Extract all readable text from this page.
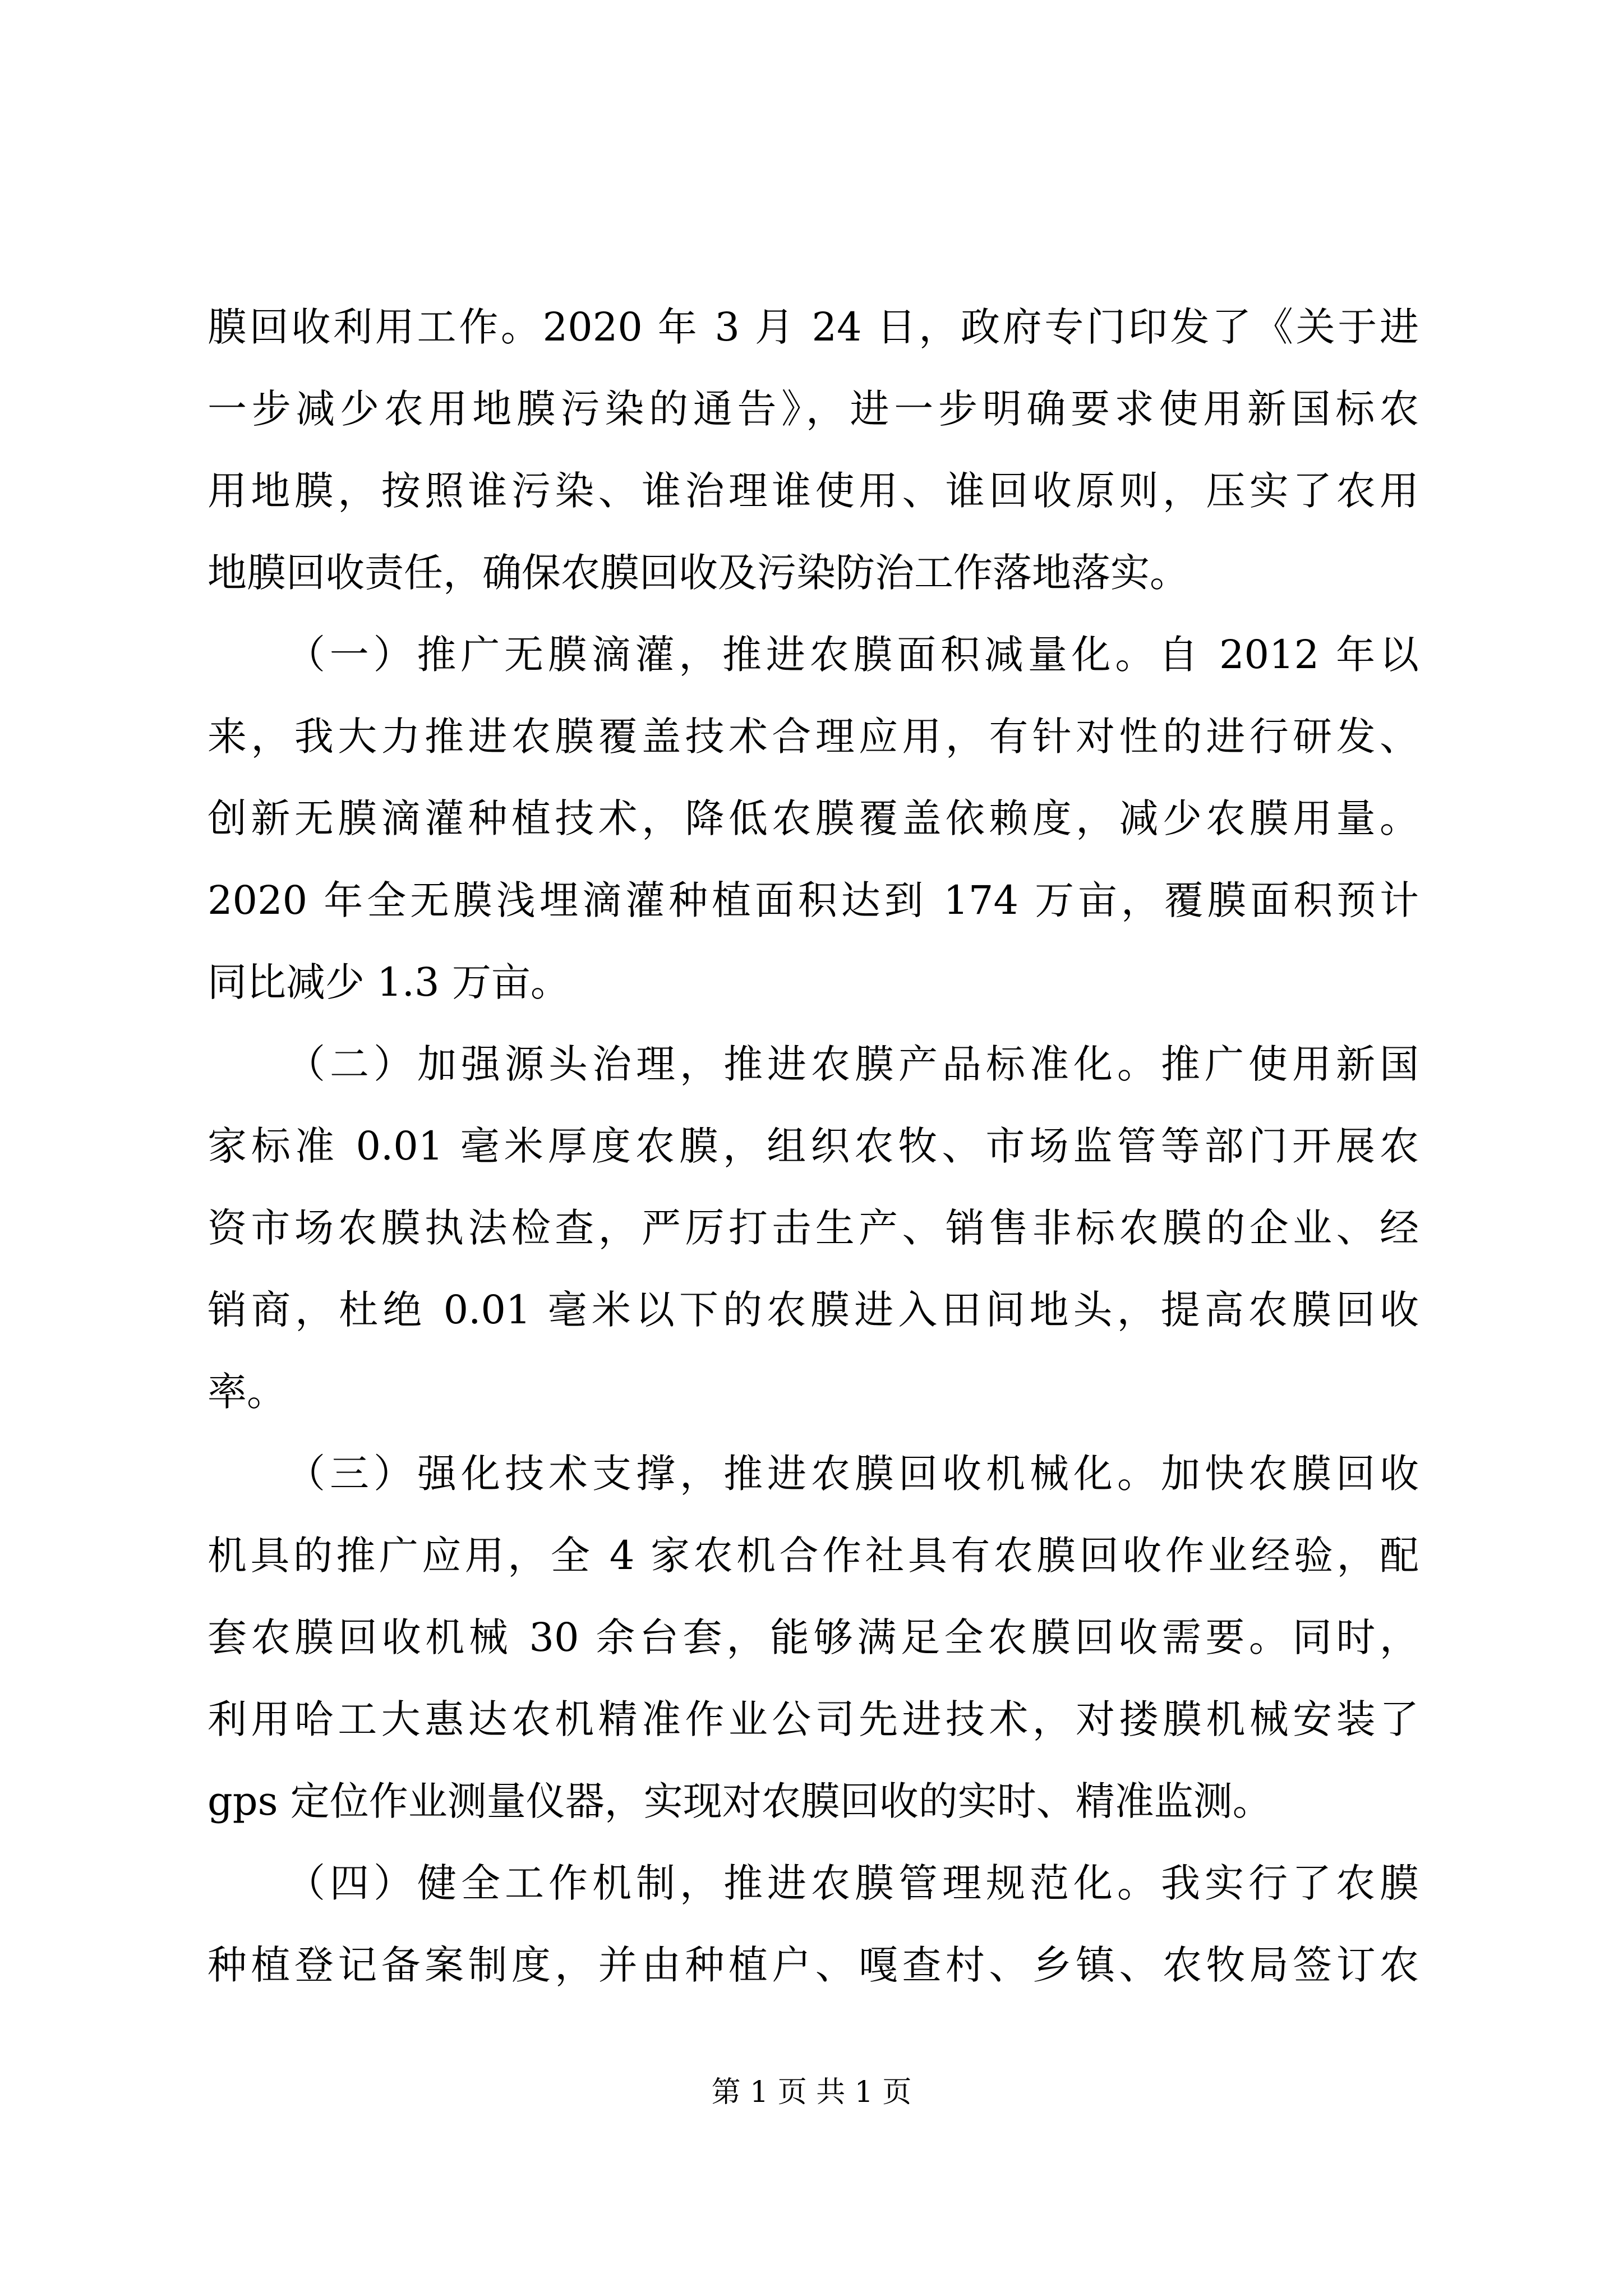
膜回收利用工作。2020 年 3 月 24 日，政府专门印发了《关于进
一步减少农用地膜污染的通告》，进一步明确要求使用新国标农
用地膜，按照谁污染、谁治理谁使用、谁回收原则，压实了农用
地膜回收责任，确保农膜回收及污染防治工作落地落实。
（一）推广无膜滴灌，推进农膜面积减量化。自 2012 年以
来，我大力推进农膜覆盖技术合理应用，有针对性的进行研发、
创新无膜滴灌种植技术，降低农膜覆盖依赖度，减少农膜用量。
2020 年全无膜浅埋滴灌种植面积达到 174 万亩，覆膜面积预计
同比减少 1.3 万亩。
（二）加强源头治理，推进农膜产品标准化。推广使用新国
家标准 0.01 毫米厚度农膜，组织农牧、市场监管等部门开展农
资市场农膜执法检查，严厉打击生产、销售非标农膜的企业、经
销商，杜绝 0.01 毫米以下的农膜进入田间地头，提高农膜回收
率。
（三）强化技术支撑，推进农膜回收机械化。加快农膜回收
机具的推广应用，全 4 家农机合作社具有农膜回收作业经验，配
套农膜回收机械 30 余台套，能够满足全农膜回收需要。同时，
利用哈工大惠达农机精准作业公司先进技术，对搂膜机械安装了
gps 定位作业测量仪器，实现对农膜回收的实时、精准监测。
（四）健全工作机制，推进农膜管理规范化。我实行了农膜
种植登记备案制度，并由种植户、嘎查村、乡镇、农牧局签订农
第 1 页 共 1 页
